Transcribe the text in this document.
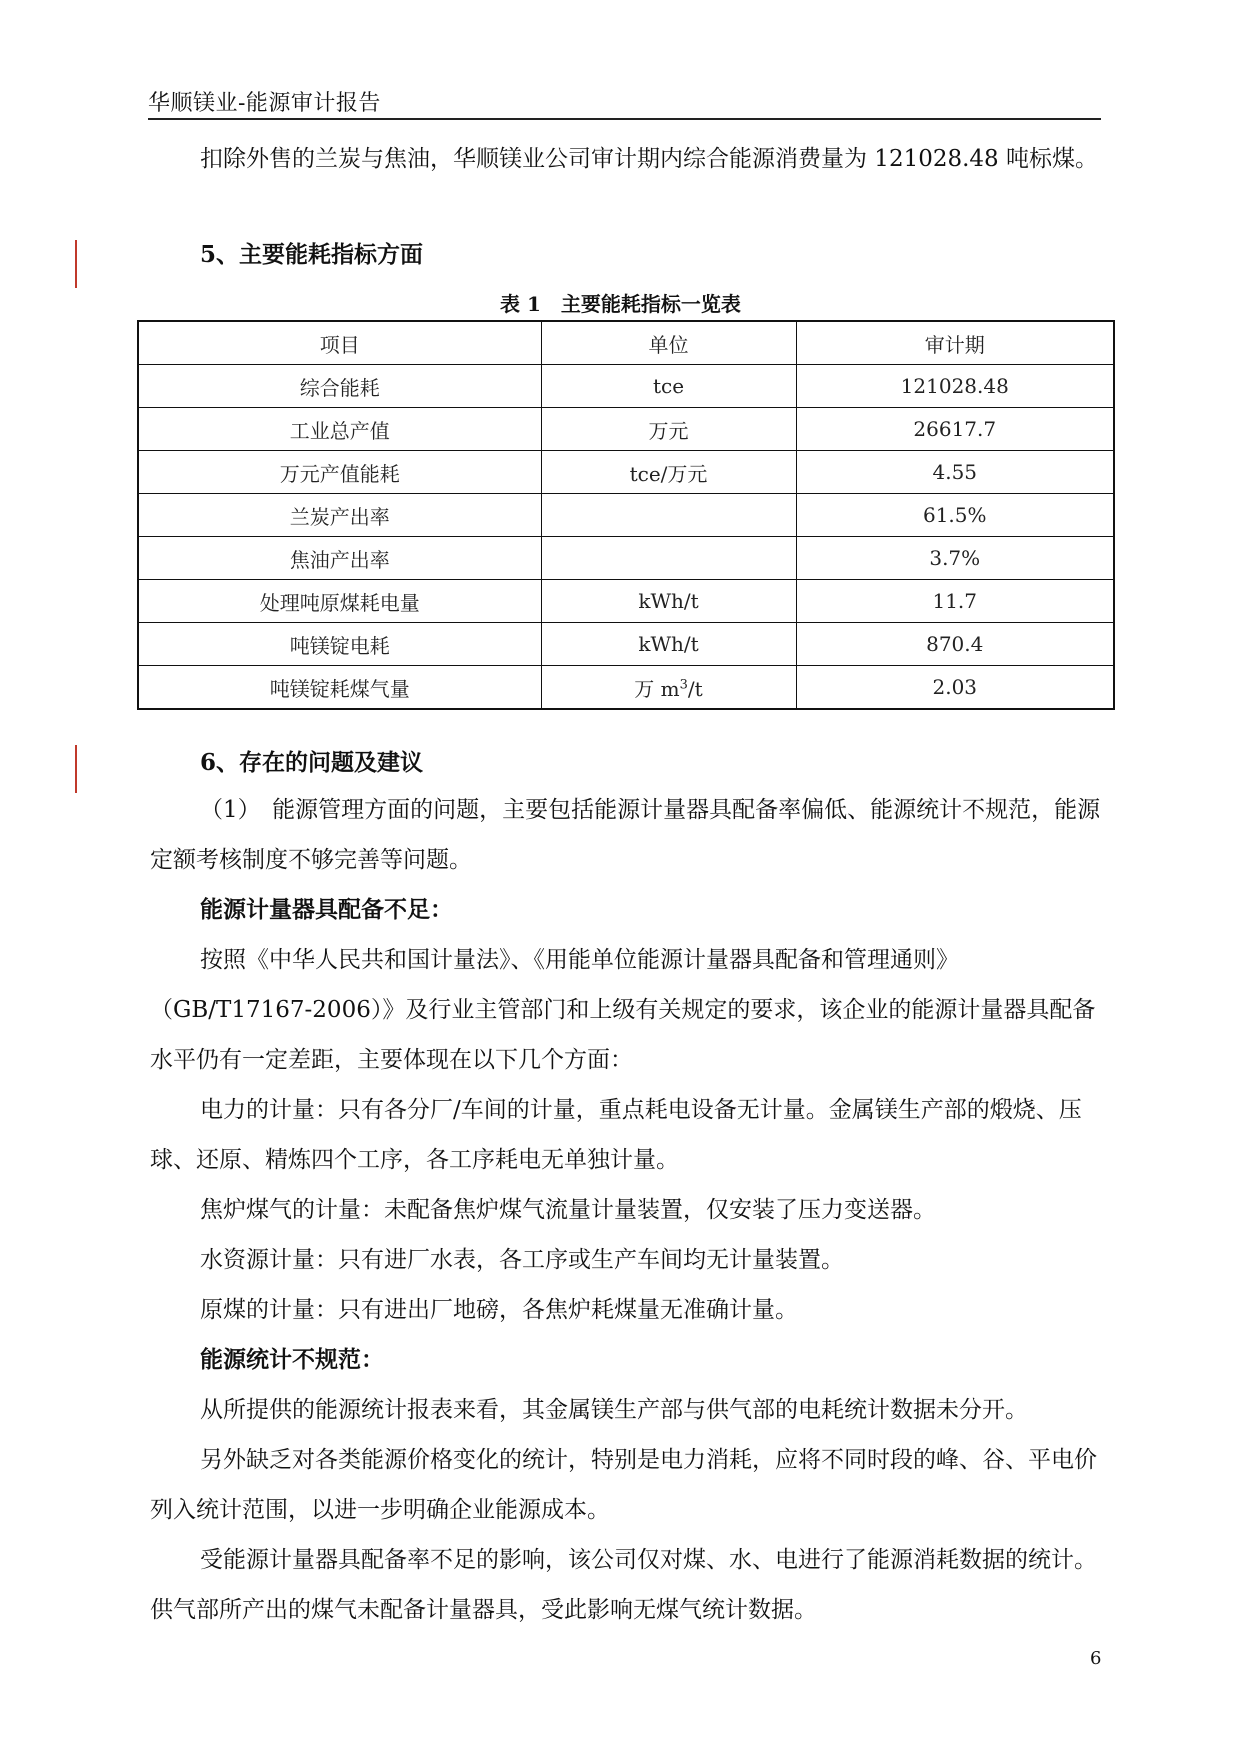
华顺镁业-能源审计报告

扣除外售的兰炭与焦油，华顺镁业公司审计期内综合能源消费量为 121028.48 吨标煤。

5、主要能耗指标方面
表 1　主要能耗指标一览表
项目	单位	审计期
综合能耗	tce	121028.48
工业总产值	万元	26617.7
万元产值能耗	tce/万元	4.55
兰炭产出率		61.5%
焦油产出率		3.7%
处理吨原煤耗电量	kWh/t	11.7
吨镁锭电耗	kWh/t	870.4
吨镁锭耗煤气量	万 $m^3/t$	2.03
6、存在的问题及建议

（1）　能源管理方面的问题，主要包括能源计量器具配备率偏低、能源统计不规范，能源定额考核制度不够完善等问题。

能源计量器具配备不足：

按照《中华人民共和国计量法》、《用能单位能源计量器具配备和管理通则》（GB/T17167-2006）》及行业主管部门和上级有关规定的要求，该企业的能源计量器具配备水平仍有一定差距，主要体现在以下几个方面：

电力的计量：只有各分厂/车间的计量，重点耗电设备无计量。金属镁生产部的煅烧、压球、还原、精炼四个工序，各工序耗电无单独计量。

焦炉煤气的计量：未配备焦炉煤气流量计量装置，仅安装了压力变送器。

水资源计量：只有进厂水表，各工序或生产车间均无计量装置。

原煤的计量：只有进出厂地磅，各焦炉耗煤量无准确计量。

能源统计不规范：

从所提供的能源统计报表来看，其金属镁生产部与供气部的电耗统计数据未分开。

另外缺乏对各类能源价格变化的统计，特别是电力消耗，应将不同时段的峰、谷、平电价列入统计范围，以进一步明确企业能源成本。

受能源计量器具配备率不足的影响，该公司仅对煤、水、电进行了能源消耗数据的统计。供气部所产出的煤气未配备计量器具，受此影响无煤气统计数据。

6
